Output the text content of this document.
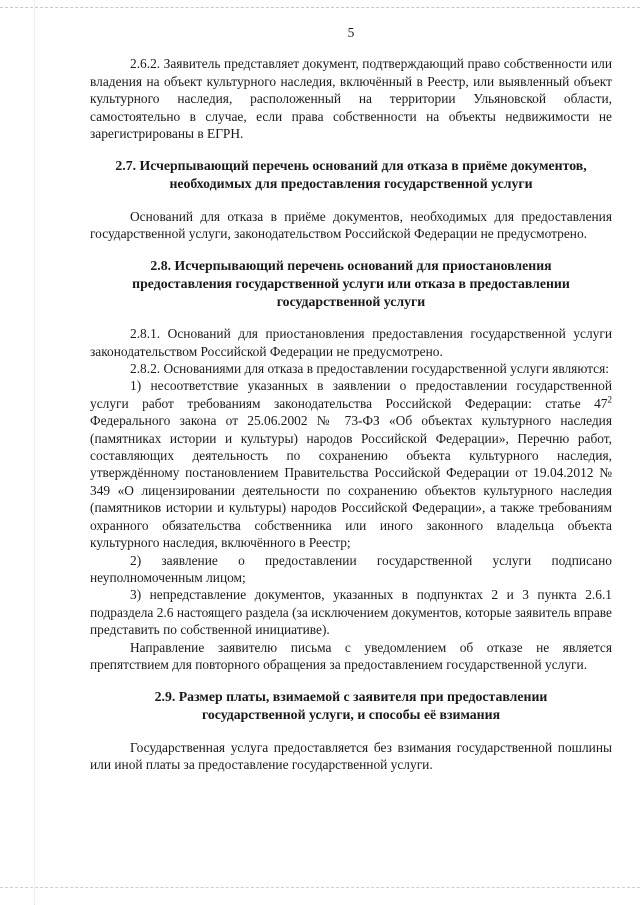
5

2.6.2. Заявитель представляет документ, подтверждающий право собственности или владения на объект культурного наследия, включённый в Реестр, или выявленный объект культурного наследия, расположенный на территории Ульяновской области, самостоятельно в случае, если права собственности на объекты недвижимости не зарегистрированы в ЕГРН.

2.7. Исчерпывающий перечень оснований для отказа в приёме документов, необходимых для предоставления государственной услуги

Оснований для отказа в приёме документов, необходимых для предоставления государственной услуги, законодательством Российской Федерации не предусмотрено.

2.8. Исчерпывающий перечень оснований для приостановления предоставления государственной услуги или отказа в предоставлении государственной услуги

2.8.1. Оснований для приостановления предоставления государственной услуги законодательством Российской Федерации не предусмотрено.

2.8.2. Основаниями для отказа в предоставлении государственной услуги являются:

1) несоответствие указанных в заявлении о предоставлении государственной услуги работ требованиям законодательства Российской Федерации: статье $47^2$ Федерального закона от 25.06.2002 № 73-ФЗ «Об объектах культурного наследия (памятниках истории и культуры) народов Российской Федерации», Перечню работ, составляющих деятельность по сохранению объекта культурного наследия, утверждённому постановлением Правительства Российской Федерации от 19.04.2012 № 349 «О лицензировании деятельности по сохранению объектов культурного наследия (памятников истории и культуры) народов Российской Федерации», а также требованиям охранного обязательства собственника или иного законного владельца объекта культурного наследия, включённого в Реестр;

2) заявление о предоставлении государственной услуги подписано неуполномоченным лицом;

3) непредставление документов, указанных в подпунктах 2 и 3 пункта 2.6.1 подраздела 2.6 настоящего раздела (за исключением документов, которые заявитель вправе представить по собственной инициативе).

Направление заявителю письма с уведомлением об отказе не является препятствием для повторного обращения за предоставлением государственной услуги.

2.9. Размер платы, взимаемой с заявителя при предоставлении государственной услуги, и способы её взимания

Государственная услуга предоставляется без взимания государственной пошлины или иной платы за предоставление государственной услуги.
